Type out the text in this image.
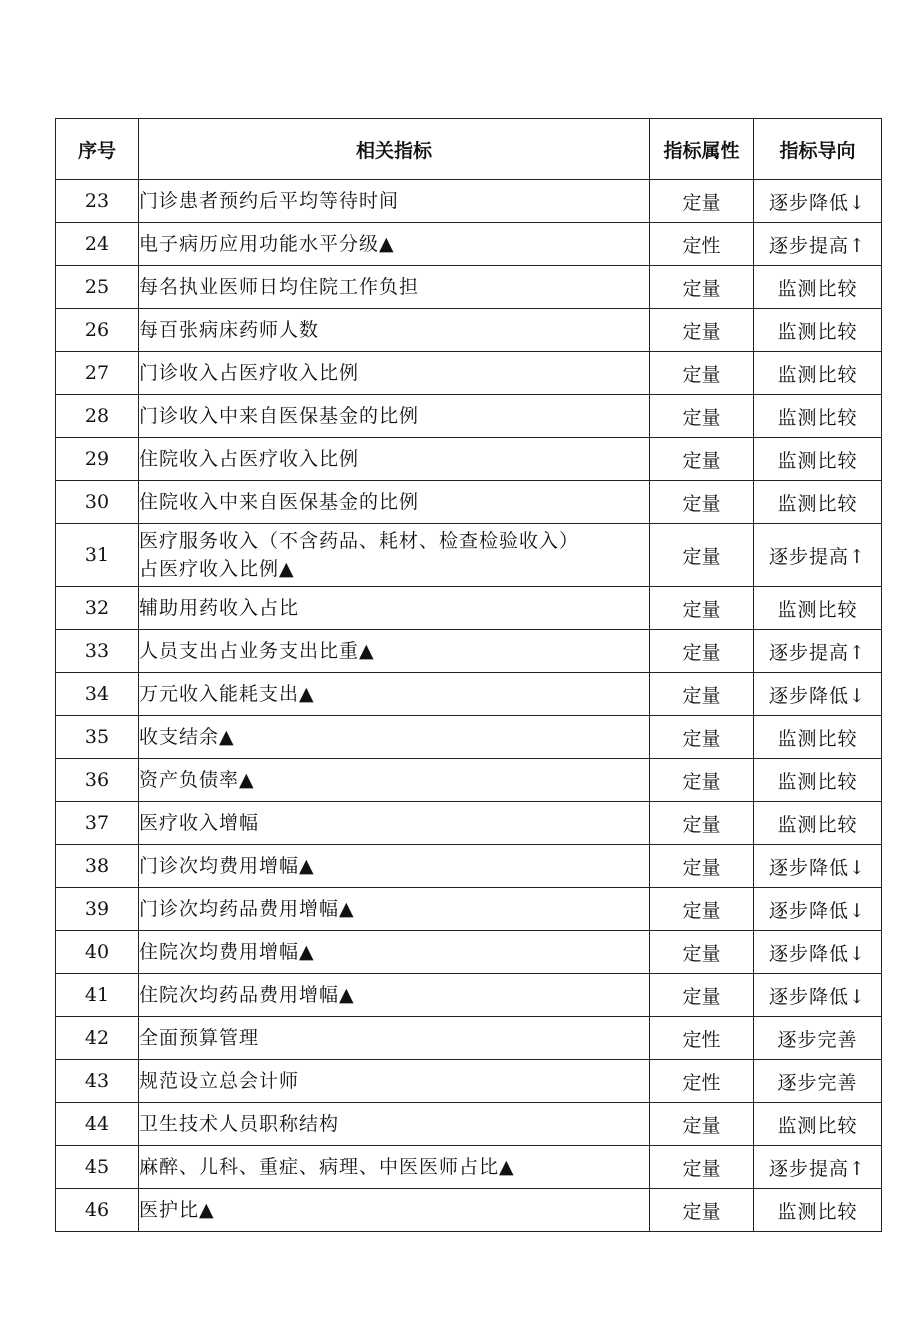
序号	相关指标	指标属性	指标导向
23	门诊患者预约后平均等待时间	定量	逐步降低↓
24	电子病历应用功能水平分级▲	定性	逐步提高↑
25	每名执业医师日均住院工作负担	定量	监测比较
26	每百张病床药师人数	定量	监测比较
27	门诊收入占医疗收入比例	定量	监测比较
28	门诊收入中来自医保基金的比例	定量	监测比较
29	住院收入占医疗收入比例	定量	监测比较
30	住院收入中来自医保基金的比例	定量	监测比较
31	医疗服务收入（不含药品、耗材、检查检验收入）
占医疗收入比例▲	定量	逐步提高↑
32	辅助用药收入占比	定量	监测比较
33	人员支出占业务支出比重▲	定量	逐步提高↑
34	万元收入能耗支出▲	定量	逐步降低↓
35	收支结余▲	定量	监测比较
36	资产负债率▲	定量	监测比较
37	医疗收入增幅	定量	监测比较
38	门诊次均费用增幅▲	定量	逐步降低↓
39	门诊次均药品费用增幅▲	定量	逐步降低↓
40	住院次均费用增幅▲	定量	逐步降低↓
41	住院次均药品费用增幅▲	定量	逐步降低↓
42	全面预算管理	定性	逐步完善
43	规范设立总会计师	定性	逐步完善
44	卫生技术人员职称结构	定量	监测比较
45	麻醉、儿科、重症、病理、中医医师占比▲	定量	逐步提高↑
46	医护比▲	定量	监测比较
